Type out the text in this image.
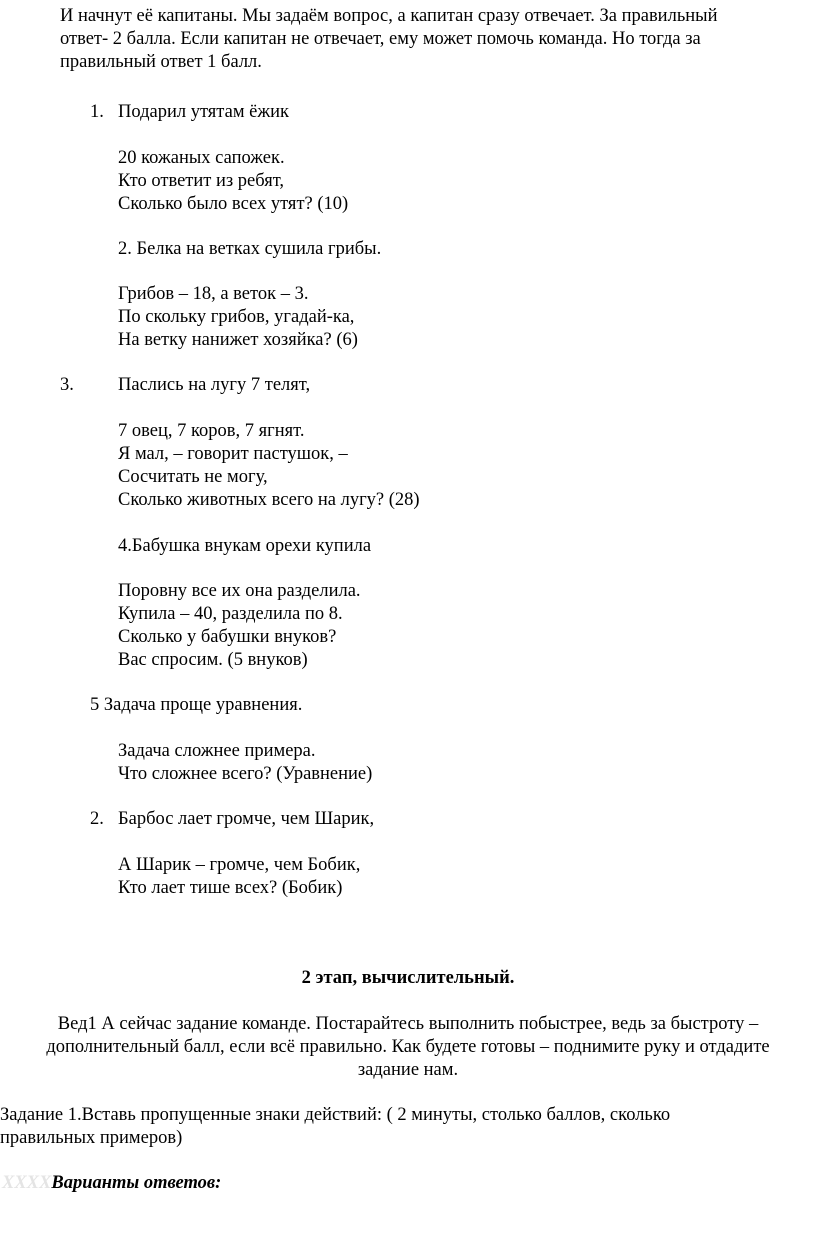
И начнут её капитаны. Мы задаём вопрос, а капитан сразу отвечает. За правильный
ответ- 2 балла. Если капитан не отвечает, ему может помочь команда. Но тогда за
правильный ответ 1 балл.
1. Подарил утятам ёжик
20 кожаных сапожек.
Кто ответит из ребят,
Сколько было всех утят? (10)
2. Белка на ветках сушила грибы.
Грибов – 18, а веток – 3.
По скольку грибов, угадай-ка,
На ветку нанижет хозяйка? (6)
3. Паслись на лугу 7 телят,
7 овец, 7 коров, 7 ягнят.
Я мал, – говорит пастушок, –
Сосчитать не могу,
Сколько животных всего на лугу? (28)
4.Бабушка внукам орехи купила
Поровну все их она разделила.
Купила – 40, разделила по 8.
Сколько у бабушки внуков?
Вас спросим. (5 внуков)
5 Задача проще уравнения.
Задача сложнее примера.
Что сложнее всего? (Уравнение)
2. Барбос лает громче, чем Шарик,
А Шарик – громче, чем Бобик,
Кто лает тише всех? (Бобик)
2 этап, вычислительный.
Вед1 А сейчас задание команде. Постарайтесь выполнить побыстрее, ведь за быстроту –
дополнительный балл, если всё правильно. Как будете готовы – поднимите руку и отдадите
задание нам.
Задание 1.Вставь пропущенные знаки действий: ( 2 минуты, столько баллов, сколько
правильных примеров)
XXXXВарианты ответов:
